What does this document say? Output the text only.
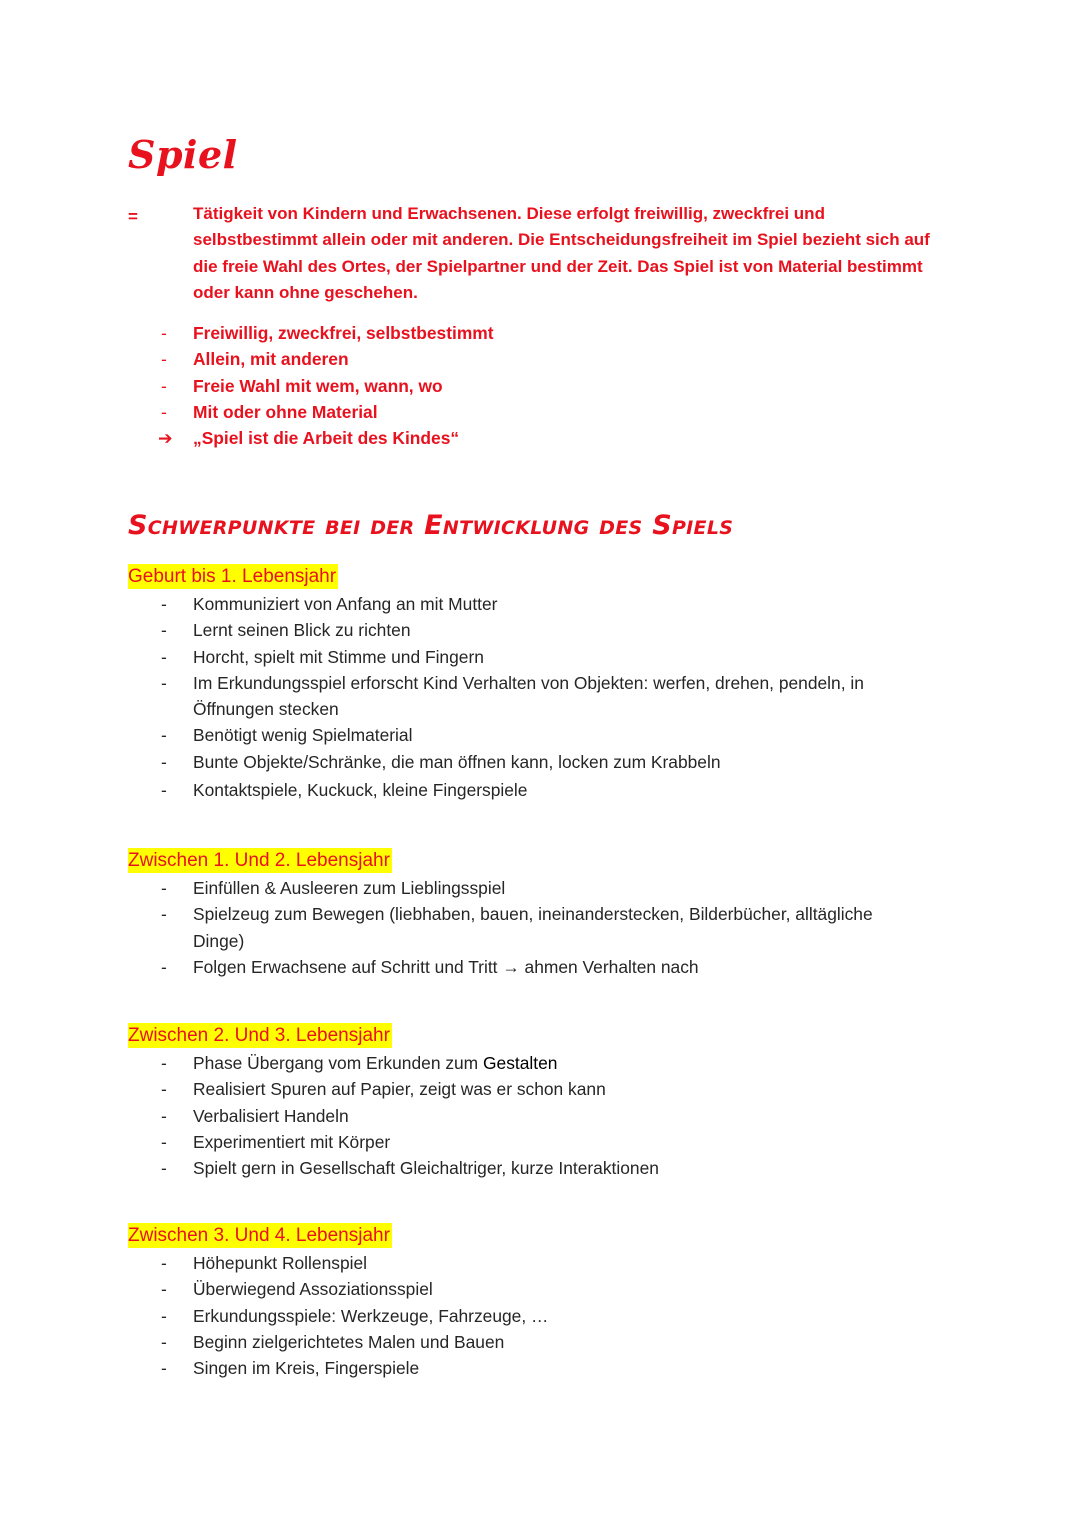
Spiel
=	Tätigkeit von Kindern und Erwachsenen. Diese erfolgt freiwillig, zweckfrei und selbstbestimmt allein oder mit anderen. Die Entscheidungsfreiheit im Spiel bezieht sich auf die freie Wahl des Ortes, der Spielpartner und der Zeit. Das Spiel ist von Material bestimmt oder kann ohne geschehen.

-	Freiwillig, zweckfrei, selbstbestimmt
-	Allein, mit anderen
-	Freie Wahl mit wem, wann, wo
-	Mit oder ohne Material
➔	„Spiel ist die Arbeit des Kindes“
Schwerpunkte bei der Entwicklung des Spiels
Geburt bis 1. Lebensjahr
-	Kommuniziert von Anfang an mit Mutter
-	Lernt seinen Blick zu richten
-	Horcht, spielt mit Stimme und Fingern
-	Im Erkundungsspiel erforscht Kind Verhalten von Objekten: werfen, drehen, pendeln, in Öffnungen stecken
-	Benötigt wenig Spielmaterial
-	Bunte Objekte/Schränke, die man öffnen kann, locken zum Krabbeln
-	Kontaktspiele, Kuckuck, kleine Fingerspiele
Zwischen 1. Und 2. Lebensjahr
-	Einfüllen & Ausleeren zum Lieblingsspiel
-	Spielzeug zum Bewegen (liebhaben, bauen, ineinanderstecken, Bilderbücher, alltägliche Dinge)
-	Folgen Erwachsene auf Schritt und Tritt → ahmen Verhalten nach
Zwischen 2. Und 3. Lebensjahr
-	Phase Übergang vom Erkunden zum Gestalten
-	Realisiert Spuren auf Papier, zeigt was er schon kann
-	Verbalisiert Handeln
-	Experimentiert mit Körper
-	Spielt gern in Gesellschaft Gleichaltriger, kurze Interaktionen
Zwischen 3. Und 4. Lebensjahr
-	Höhepunkt Rollenspiel
-	Überwiegend Assoziationsspiel
-	Erkundungsspiele: Werkzeuge, Fahrzeuge, …
-	Beginn zielgerichtetes Malen und Bauen
-	Singen im Kreis, Fingerspiele
